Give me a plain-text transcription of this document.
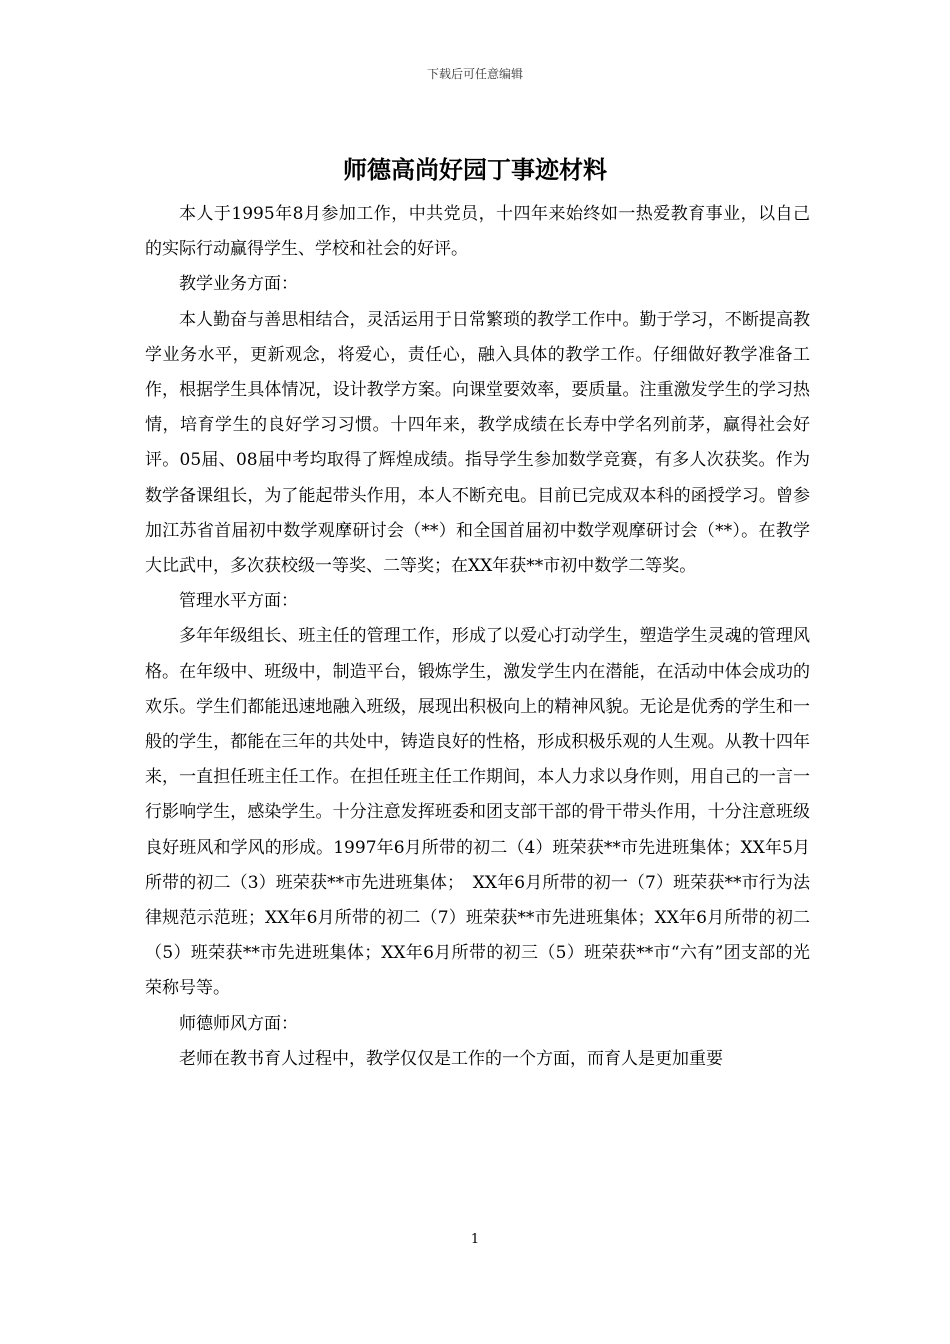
下载后可任意编辑
师德高尚好园丁事迹材料

本人于1995年8月参加工作，中共党员，十四年来始终如一热爱教育事业，以自己的实际行动赢得学生、学校和社会的好评。

教学业务方面：

本人勤奋与善思相结合，灵活运用于日常繁琐的教学工作中。勤于学习，不断提高教学业务水平，更新观念，将爱心，责任心，融入具体的教学工作。仔细做好教学准备工作，根据学生具体情况，设计教学方案。向课堂要效率，要质量。注重激发学生的学习热情，培育学生的良好学习习惯。十四年来，教学成绩在长寿中学名列前茅，赢得社会好评。05届、08届中考均取得了辉煌成绩。指导学生参加数学竞赛，有多人次获奖。作为数学备课组长，为了能起带头作用，本人不断充电。目前已完成双本科的函授学习。曾参加江苏省首届初中数学观摩研讨会（**）和全国首届初中数学观摩研讨会（**）。在教学大比武中，多次获校级一等奖、二等奖；在XX年获**市初中数学二等奖。

管理水平方面：

多年年级组长、班主任的管理工作，形成了以爱心打动学生，塑造学生灵魂的管理风格。在年级中、班级中，制造平台，锻炼学生，激发学生内在潜能，在活动中体会成功的欢乐。学生们都能迅速地融入班级，展现出积极向上的精神风貌。无论是优秀的学生和一般的学生，都能在三年的共处中，铸造良好的性格，形成积极乐观的人生观。从教十四年来，一直担任班主任工作。在担任班主任工作期间，本人力求以身作则，用自己的一言一行影响学生，感染学生。十分注意发挥班委和团支部干部的骨干带头作用，十分注意班级良好班风和学风的形成。1997年6月所带的初二（4）班荣获**市先进班集体；XX年5月所带的初二（3）班荣获**市先进班集体；　XX年6月所带的初一（7）班荣获**市行为法律规范示范班；XX年6月所带的初二（7）班荣获**市先进班集体；XX年6月所带的初二（5）班荣获**市先进班集体；XX年6月所带的初三（5）班荣获**市“六有”团支部的光荣称号等。

师德师风方面：

老师在教书育人过程中，教学仅仅是工作的一个方面，而育人是更加重要

1
